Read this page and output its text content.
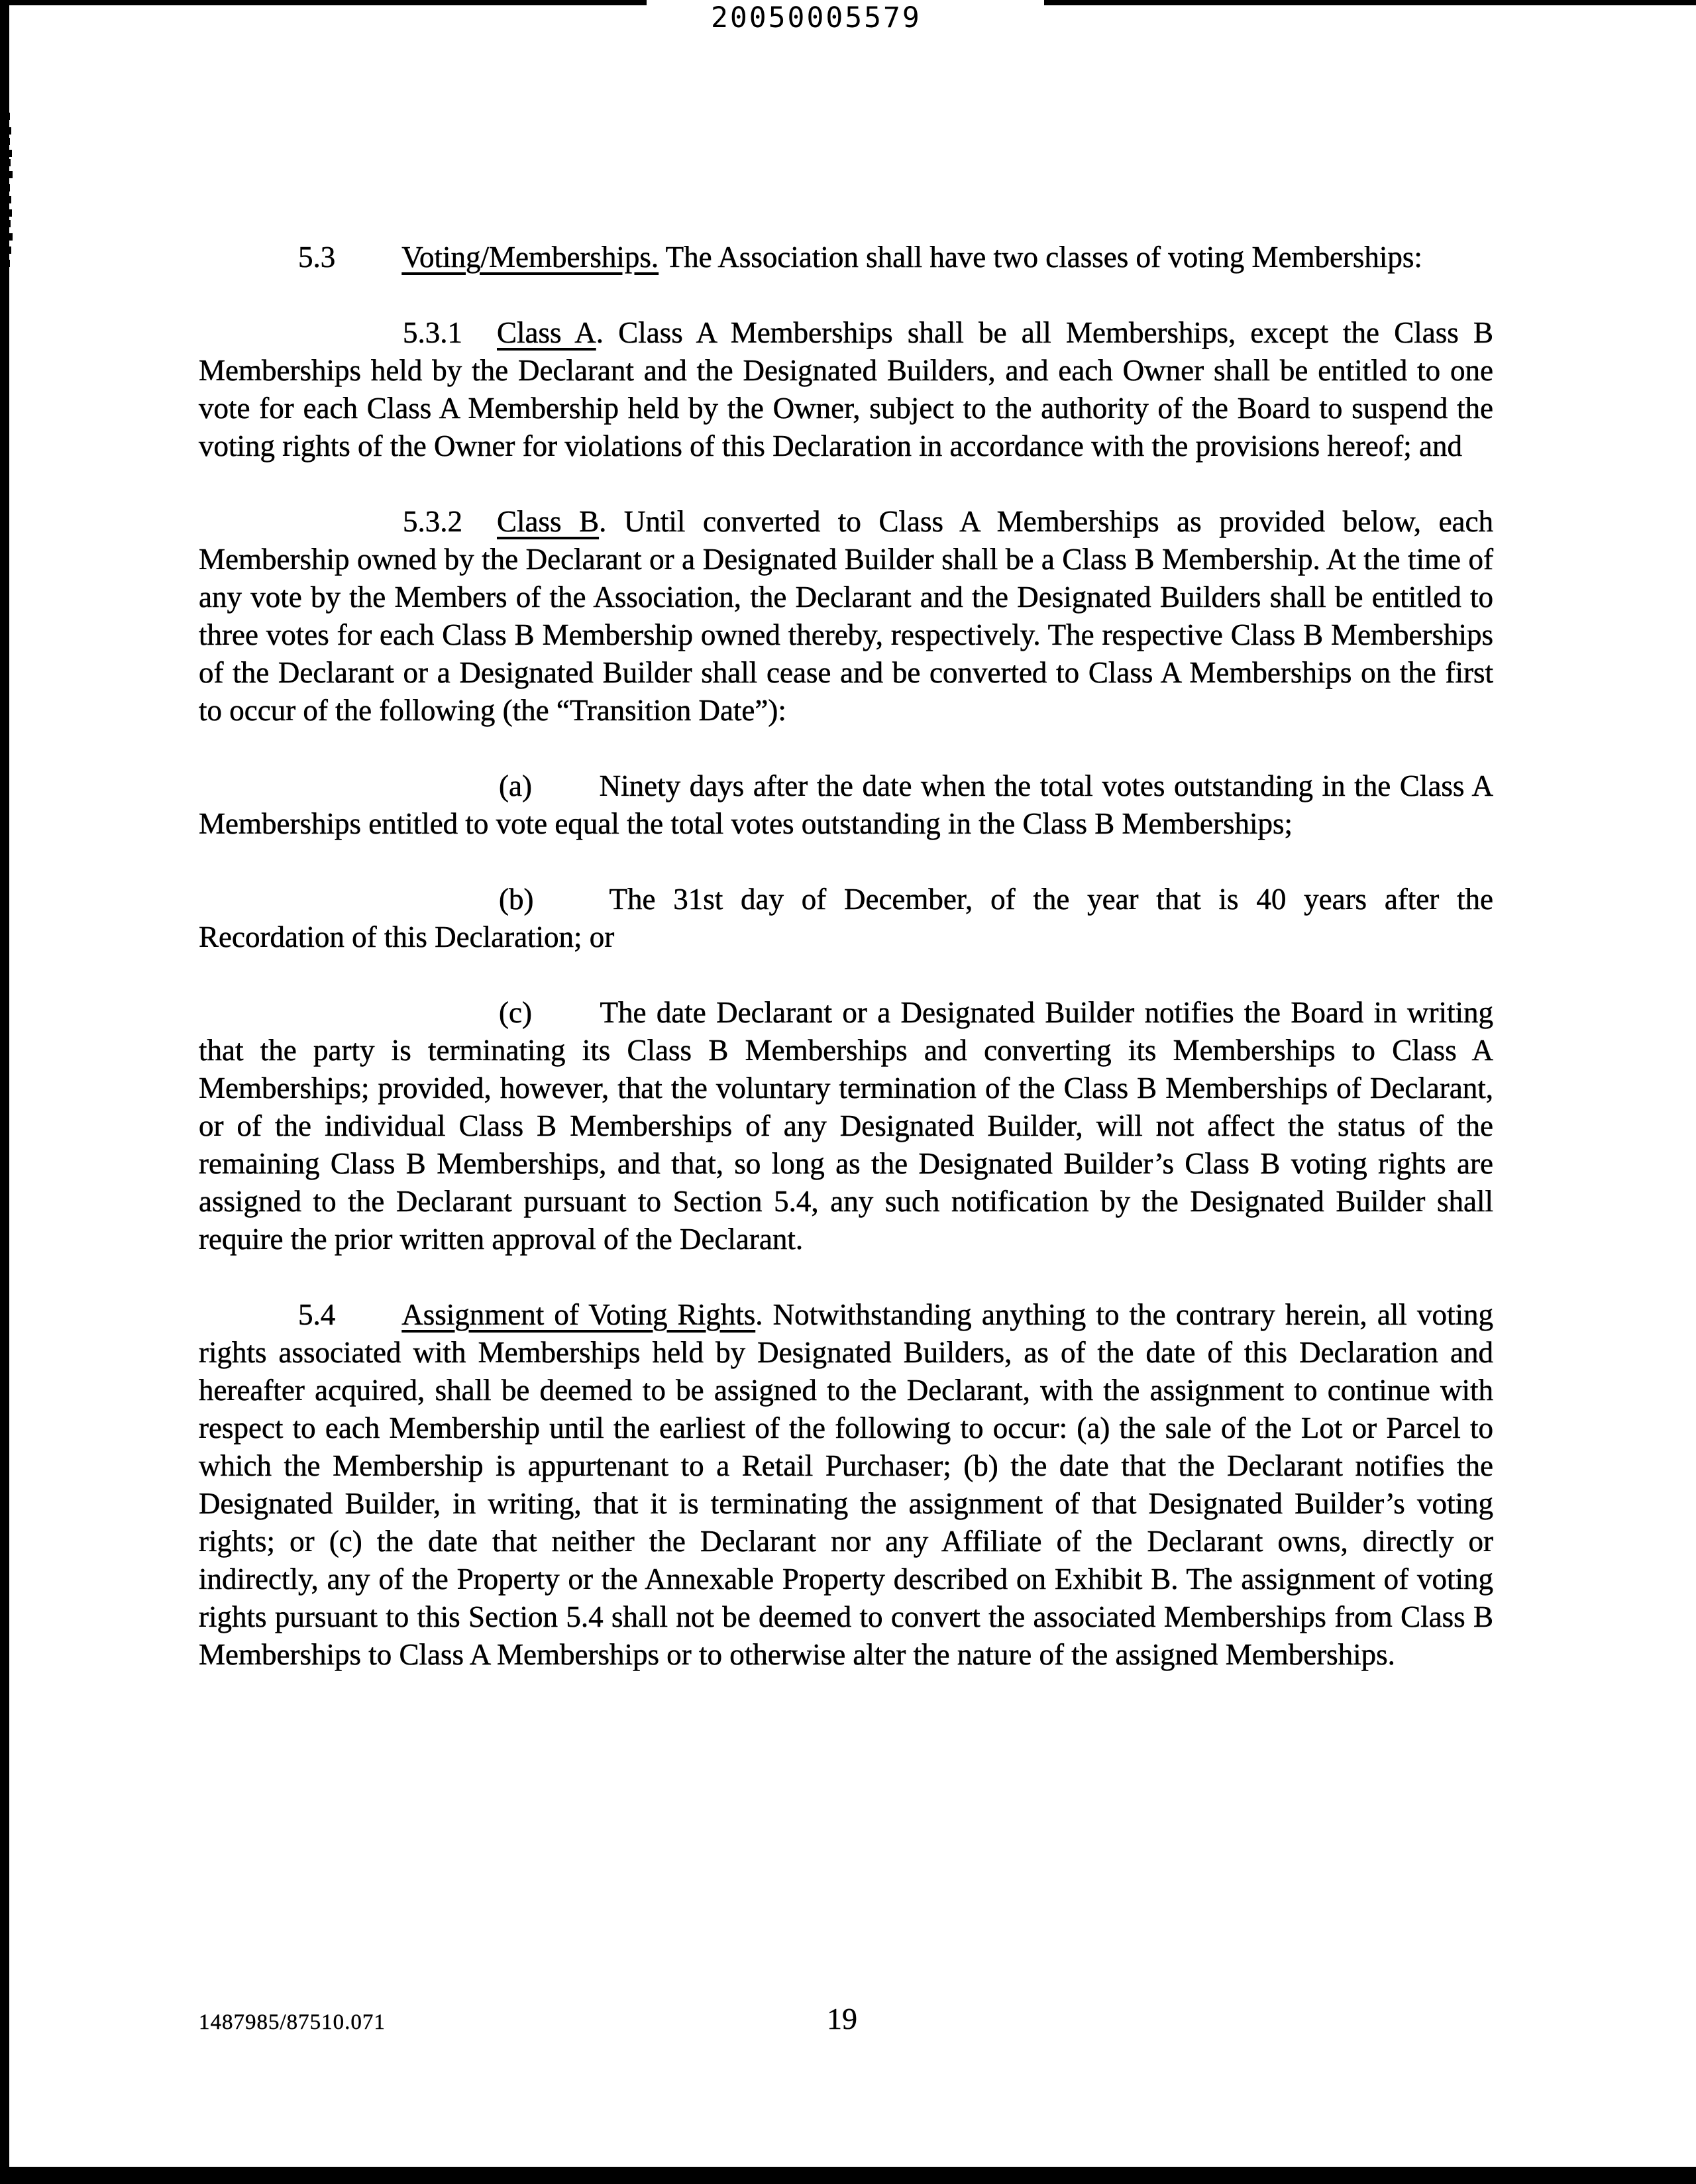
20050005579

5.3 Voting/Memberships. The Association shall have two classes of voting Memberships:

5.3.1 Class A. Class A Memberships shall be all Memberships, except the Class B Memberships held by the Declarant and the Designated Builders, and each Owner shall be entitled to one vote for each Class A Membership held by the Owner, subject to the authority of the Board to suspend the voting rights of the Owner for violations of this Declaration in accordance with the provisions hereof; and

5.3.2 Class B. Until converted to Class A Memberships as provided below, each Membership owned by the Declarant or a Designated Builder shall be a Class B Membership. At the time of any vote by the Members of the Association, the Declarant and the Designated Builders shall be entitled to three votes for each Class B Membership owned thereby, respectively. The respective Class B Memberships of the Declarant or a Designated Builder shall cease and be converted to Class A Memberships on the first to occur of the following (the “Transition Date”):

(a) Ninety days after the date when the total votes outstanding in the Class A Memberships entitled to vote equal the total votes outstanding in the Class B Memberships;

(b)	The 31st day of December, of the year that is 40 years after the Recordation of this Declaration; or

(c) The date Declarant or a Designated Builder notifies the Board in writing that the party is terminating its Class B Memberships and converting its Memberships to Class A Memberships; provided, however, that the voluntary termination of the Class B Memberships of Declarant, or of the individual Class B Memberships of any Designated Builder, will not affect the status of the remaining Class B Memberships, and that, so long as the Designated Builder’s Class B voting rights are assigned to the Declarant pursuant to Section 5.4, any such notification by the Designated Builder shall require the prior written approval of the Declarant.

5.4 Assignment of Voting Rights. Notwithstanding anything to the contrary herein, all voting rights associated with Memberships held by Designated Builders, as of the date of this Declaration and hereafter acquired, shall be deemed to be assigned to the Declarant, with the assignment to continue with respect to each Membership until the earliest of the following to occur: (a) the sale of the Lot or Parcel to which the Membership is appurtenant to a Retail Purchaser; (b) the date that the Declarant notifies the Designated Builder, in writing, that it is terminating the assignment of that Designated Builder’s voting rights; or (c) the date that neither the Declarant nor any Affiliate of the Declarant owns, directly or indirectly, any of the Property or the Annexable Property described on Exhibit B. The assignment of voting rights pursuant to this Section 5.4 shall not be deemed to convert the associated Memberships from Class B Memberships to Class A Memberships or to otherwise alter the nature of the assigned Memberships.

1487985/87510.071	19
